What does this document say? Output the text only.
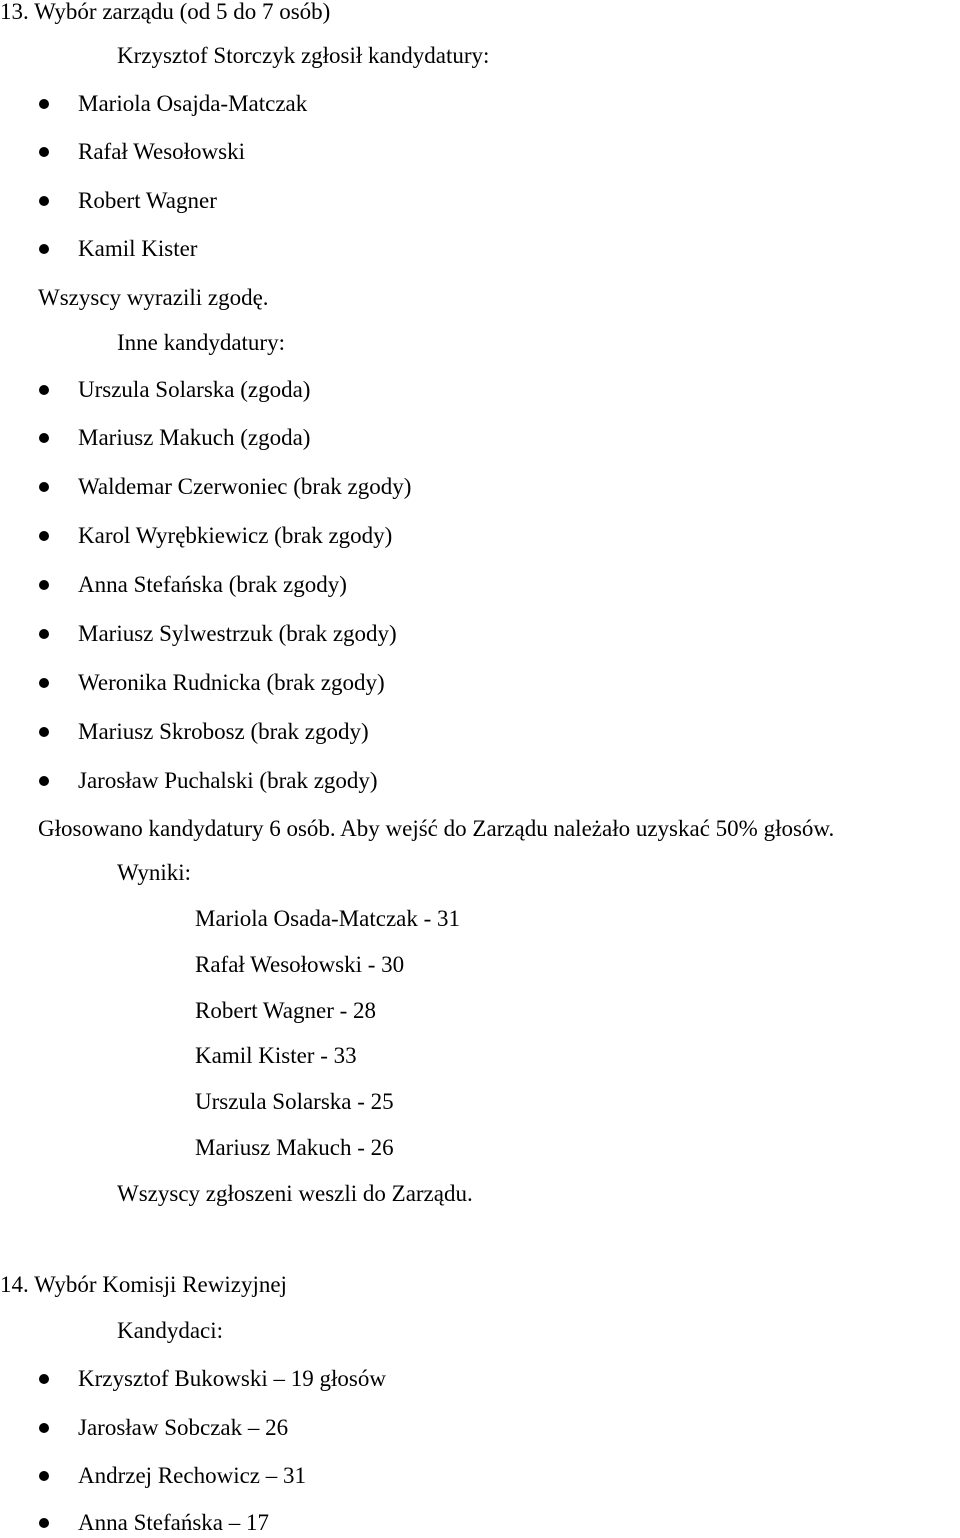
13. Wybór zarządu (od 5 do 7 osób)
Krzysztof Storczyk zgłosił kandydatury:
Mariola Osajda-Matczak
Rafał Wesołowski
Robert Wagner
Kamil Kister
Wszyscy wyrazili zgodę.
Inne kandydatury:
Urszula Solarska (zgoda)
Mariusz Makuch (zgoda)
Waldemar Czerwoniec (brak zgody)
Karol Wyrębkiewicz (brak zgody)
Anna Stefańska (brak zgody)
Mariusz Sylwestrzuk (brak zgody)
Weronika Rudnicka (brak zgody)
Mariusz Skrobosz (brak zgody)
Jarosław Puchalski (brak zgody)
Głosowano kandydatury 6 osób. Aby wejść do Zarządu należało uzyskać 50% głosów.
Wyniki:
Mariola Osada-Matczak - 31
Rafał Wesołowski - 30
Robert Wagner - 28
Kamil Kister - 33
Urszula Solarska - 25
Mariusz Makuch - 26
Wszyscy zgłoszeni weszli do Zarządu.
14. Wybór Komisji Rewizyjnej
Kandydaci:
Krzysztof Bukowski – 19 głosów
Jarosław Sobczak – 26
Andrzej Rechowicz – 31
Anna Stefańska – 17
